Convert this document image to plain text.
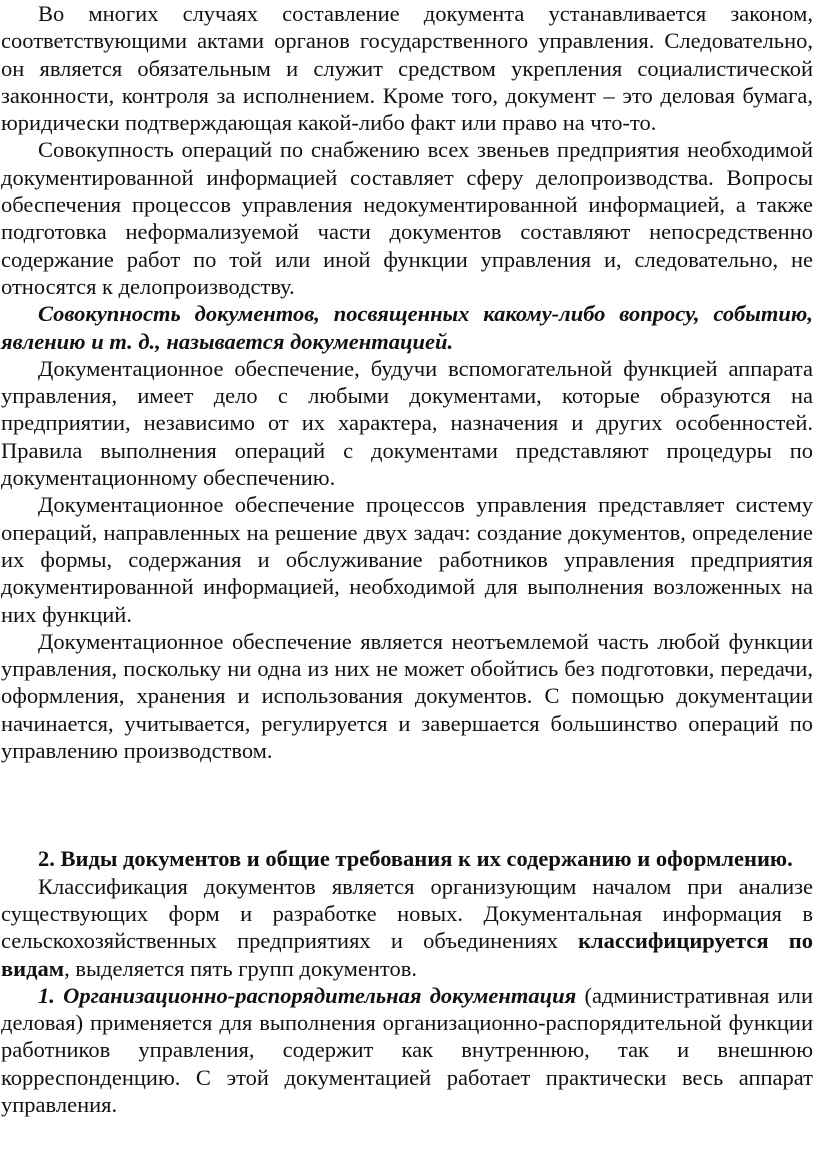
Во многих случаях составление документа устанавливается законом, соответствующими актами органов государственного управления. Следовательно, он является обязательным и служит средством укрепления социалистической законности, контроля за исполнением. Кроме того, документ – это деловая бумага, юридически подтверждающая какой-либо факт или право на что-то.

Совокупность операций по снабжению всех звеньев предприятия необходимой документированной информацией составляет сферу делопроизводства. Вопросы обеспечения процессов управления недокументированной информацией, а также подготовка неформализуемой части документов составляют непосредственно содержание работ по той или иной функции управления и, следовательно, не относятся к делопроизводству.

Совокупность документов, посвященных какому-либо вопросу, событию, явлению и т. д., называется документацией.

Документационное обеспечение, будучи вспомогательной функцией аппарата управления, имеет дело с любыми документами, которые образуются на предприятии, независимо от их характера, назначения и других особенностей. Правила выполнения операций с документами представляют процедуры по документационному обеспечению.

Документационное обеспечение процессов управления представляет систему операций, направленных на решение двух задач: создание документов, определение их формы, содержания и обслуживание работников управления предприятия документированной информацией, необходимой для выполнения возложенных на них функций.

Документационное обеспечение является неотъемлемой часть любой функции управления, поскольку ни одна из них не может обойтись без подготовки, передачи, оформления, хранения и использования документов. С помощью документации начинается, учитывается, регулируется и завершается большинство операций по управлению производством.

2. Виды документов и общие требования к их содержанию и оформлению.

Классификация документов является организующим началом при анализе существующих форм и разработке новых. Документальная информация в сельскохозяйственных предприятиях и объединениях классифицируется по видам, выделяется пять групп документов.

1. Организационно-распорядительная документация (административная или деловая) применяется для выполнения организационно-распорядительной функции работников управления, содержит как внутреннюю, так и внешнюю корреспонденцию. С этой документацией работает практически весь аппарат управления.
